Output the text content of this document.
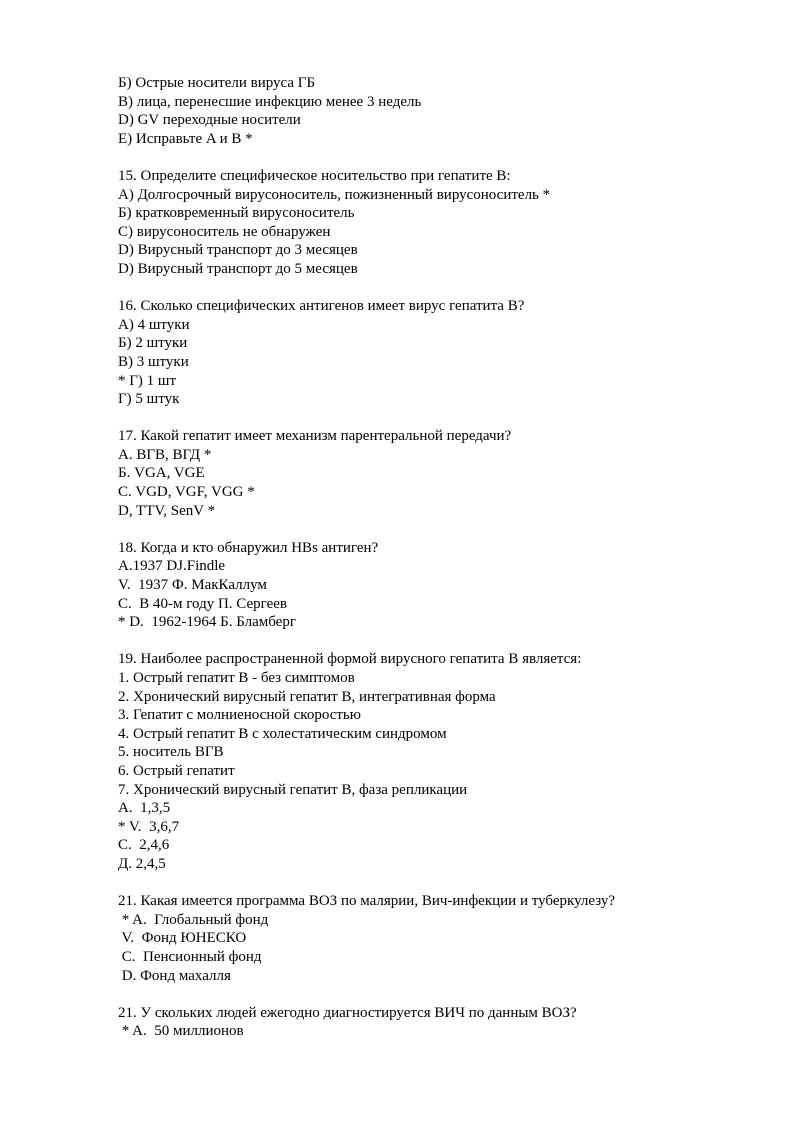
Б) Острые носители вируса ГБ
В) лица, перенесшие инфекцию менее 3 недель
D) GV переходные носители
E) Исправьте A и B *
15. Определите специфическое носительство при гепатите В:
А) Долгосрочный вирусоноситель, пожизненный вирусоноситель *
Б) кратковременный вирусоноситель
С) вирусоноситель не обнаружен
D) Вирусный транспорт до 3 месяцев
D) Вирусный транспорт до 5 месяцев
16. Сколько специфических антигенов имеет вирус гепатита В?
А) 4 штуки
Б) 2 штуки
В) 3 штуки
* Г) 1 шт
Г) 5 штук
17. Какой гепатит имеет механизм парентеральной передачи?
А. ВГВ, ВГД *
Б. VGA, VGE
C. VGD, VGF, VGG *
D, TTV, SenV *
18. Когда и кто обнаружил HBs антиген?
A.1937 DJ.Findle
V.  1937 Ф. МакКаллум
C.  В 40-м году П. Сергеев
* D.  1962-1964 Б. Бламберг
19. Наиболее распространенной формой вирусного гепатита В является:
1. Острый гепатит В - без симптомов
2. Хронический вирусный гепатит В, интегративная форма
3. Гепатит с молниеносной скоростью
4. Острый гепатит В с холестатическим синдромом
5. носитель ВГВ
6. Острый гепатит
7. Хронический вирусный гепатит В, фаза репликации
A.  1,3,5
* V.  3,6,7
C.  2,4,6
Д. 2,4,5
21. Какая имеется программа ВОЗ по малярии, Вич-инфекции и туберкулезу?
* A.  Глобальный фонд
V.  Фонд ЮНЕСКО
C.  Пенсионный фонд
D. Фонд махалля
21. У скольких людей ежегодно диагностируется ВИЧ по данным ВОЗ?
* A.  50 миллионов
